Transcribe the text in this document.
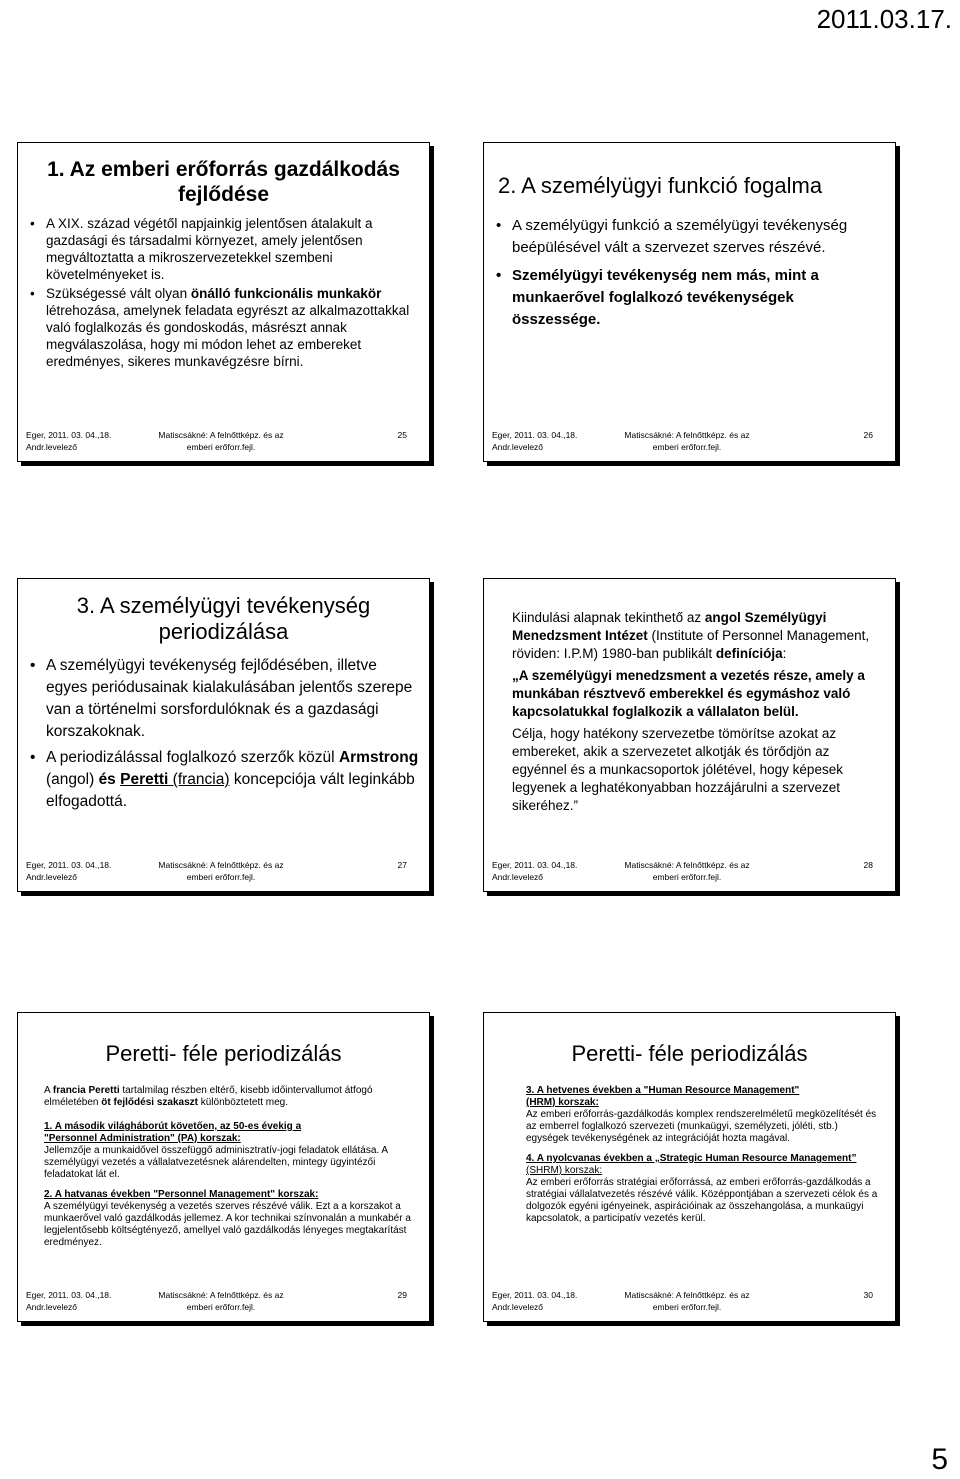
2011.03.17.
1. Az emberi erőforrás gazdálkodás
fejlődése
• A XIX. század végétől napjainkig jelentősen átalakult a gazdasági és társadalmi környezet, amely jelentősen megváltoztatta a mikroszervezetekkel szembeni követelményeket is.
• Szükségessé vált olyan önálló funkcionális munkakör létrehozása, amelynek feladata egyrészt az alkalmazottakkal való foglalkozás és gondoskodás, másrészt annak megválaszolása, hogy mi módon lehet az embereket eredményes, sikeres munkavégzésre bírni.
Eger, 2011. 03. 04.,18.
Andr.levelező
Matiscsákné: A felnőttképz. és az
emberi erőforr.fejl.
25
2. A személyügyi funkció fogalma
• A személyügyi funkció a személyügyi tevékenység beépülésével vált a szervezet szerves részévé.
• Személyügyi tevékenység nem más, mint a munkaerővel foglalkozó tevékenységek összessége.
Eger, 2011. 03. 04.,18.
Andr.levelező
Matiscsákné: A felnőttképz. és az
emberi erőforr.fejl.
26
3. A személyügyi tevékenység
periodizálása
• A személyügyi tevékenység fejlődésében, illetve egyes periódusainak kialakulásában jelentős szerepe van a történelmi sorsfordulóknak és a gazdasági korszakoknak.
• A periodizálással foglalkozó szerzők közül Armstrong (angol) és Peretti (francia) koncepciója vált leginkább elfogadottá.
Eger, 2011. 03. 04.,18.
Andr.levelező
Matiscsákné: A felnőttképz. és az
emberi erőforr.fejl.
27

Kiindulási alapnak tekinthető az angol Személyügyi Menedzsment Intézet (Institute of Personnel Management, röviden: I.P.M) 1980-ban publikált definíciója:

„A személyügyi menedzsment a vezetés része, amely a munkában résztvevő emberekkel és egymáshoz való kapcsolatukkal foglalkozik a vállalaton belül.

Célja, hogy hatékony szervezetbe tömörítse azokat az embereket, akik a szervezetet alkotják és törődjön az egyénnel és a munkacsoportok jólétével, hogy képesek legyenek a leghatékonyabban hozzájárulni a szervezet sikeréhez.”

Eger, 2011. 03. 04.,18.
Andr.levelező
Matiscsákné: A felnőttképz. és az
emberi erőforr.fejl.
28
Peretti- féle periodizálás

A francia Peretti tartalmilag részben eltérő, kisebb időintervallumot átfogó elméletében öt fejlődési szakaszt különböztetett meg.

1. A második világháborút követően, az 50-es évekig a
"Personnel Administration" (PA) korszak:
Jellemzője a munkaidővel összefüggő adminisztratív-jogi feladatok ellátása. A személyügyi vezetés a vállalatvezetésnek alárendelten, mintegy ügyintézői feladatokat lát el.

2. A hatvanas években "Personnel Management" korszak:
A személyügyi tevékenység a vezetés szerves részévé válik. Ezt a a korszakot a munkaerővel való gazdálkodás jellemez. A kor technikai színvonalán a munkabér a legjelentősebb költségtényező, amellyel való gazdálkodás lényeges megtakarítást eredményez.

Eger, 2011. 03. 04.,18.
Andr.levelező
Matiscsákné: A felnőttképz. és az
emberi erőforr.fejl.
29
Peretti- féle periodizálás

3. A hetvenes években a "Human Resource Management"
(HRM) korszak:
Az emberi erőforrás-gazdálkodás komplex rendszerelméletű megközelítését és az emberrel foglalkozó szervezeti (munkaügyi, személyzeti, jóléti, stb.) egységek tevékenységének az integrációját hozta magával.

4. A nyolcvanas években a „Strategic Human Resource Management” (SHRM) korszak:
Az emberi erőforrás stratégiai erőforrássá, az emberi erőforrás-gazdálkodás a stratégiai vállalatvezetés részévé válik. Középpontjában a szervezeti célok és a dolgozók egyéni igényeinek, aspirációinak az összehangolása, a munkaügyi kapcsolatok, a participatív vezetés kerül.

Eger, 2011. 03. 04.,18.
Andr.levelező
Matiscsákné: A felnőttképz. és az
emberi erőforr.fejl.
30
5
